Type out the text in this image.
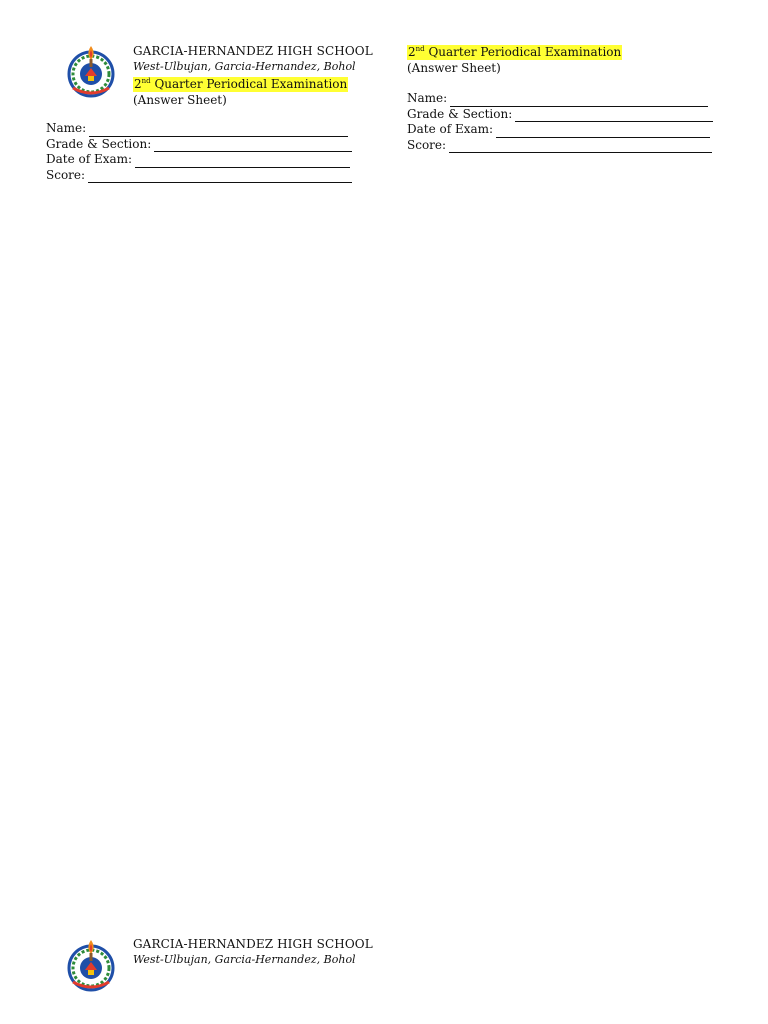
GARCIA-HERNANDEZ HIGH SCHOOL
West-Ulbujan, Garcia-Hernandez, Bohol
2nd Quarter Periodical Examination
(Answer Sheet)
Name:
Grade & Section:
Date of Exam:
Score:
2nd Quarter Periodical Examination
(Answer Sheet)
Name:
Grade & Section:
Date of Exam:
Score:
GARCIA-HERNANDEZ HIGH SCHOOL
West-Ulbujan, Garcia-Hernandez, Bohol
